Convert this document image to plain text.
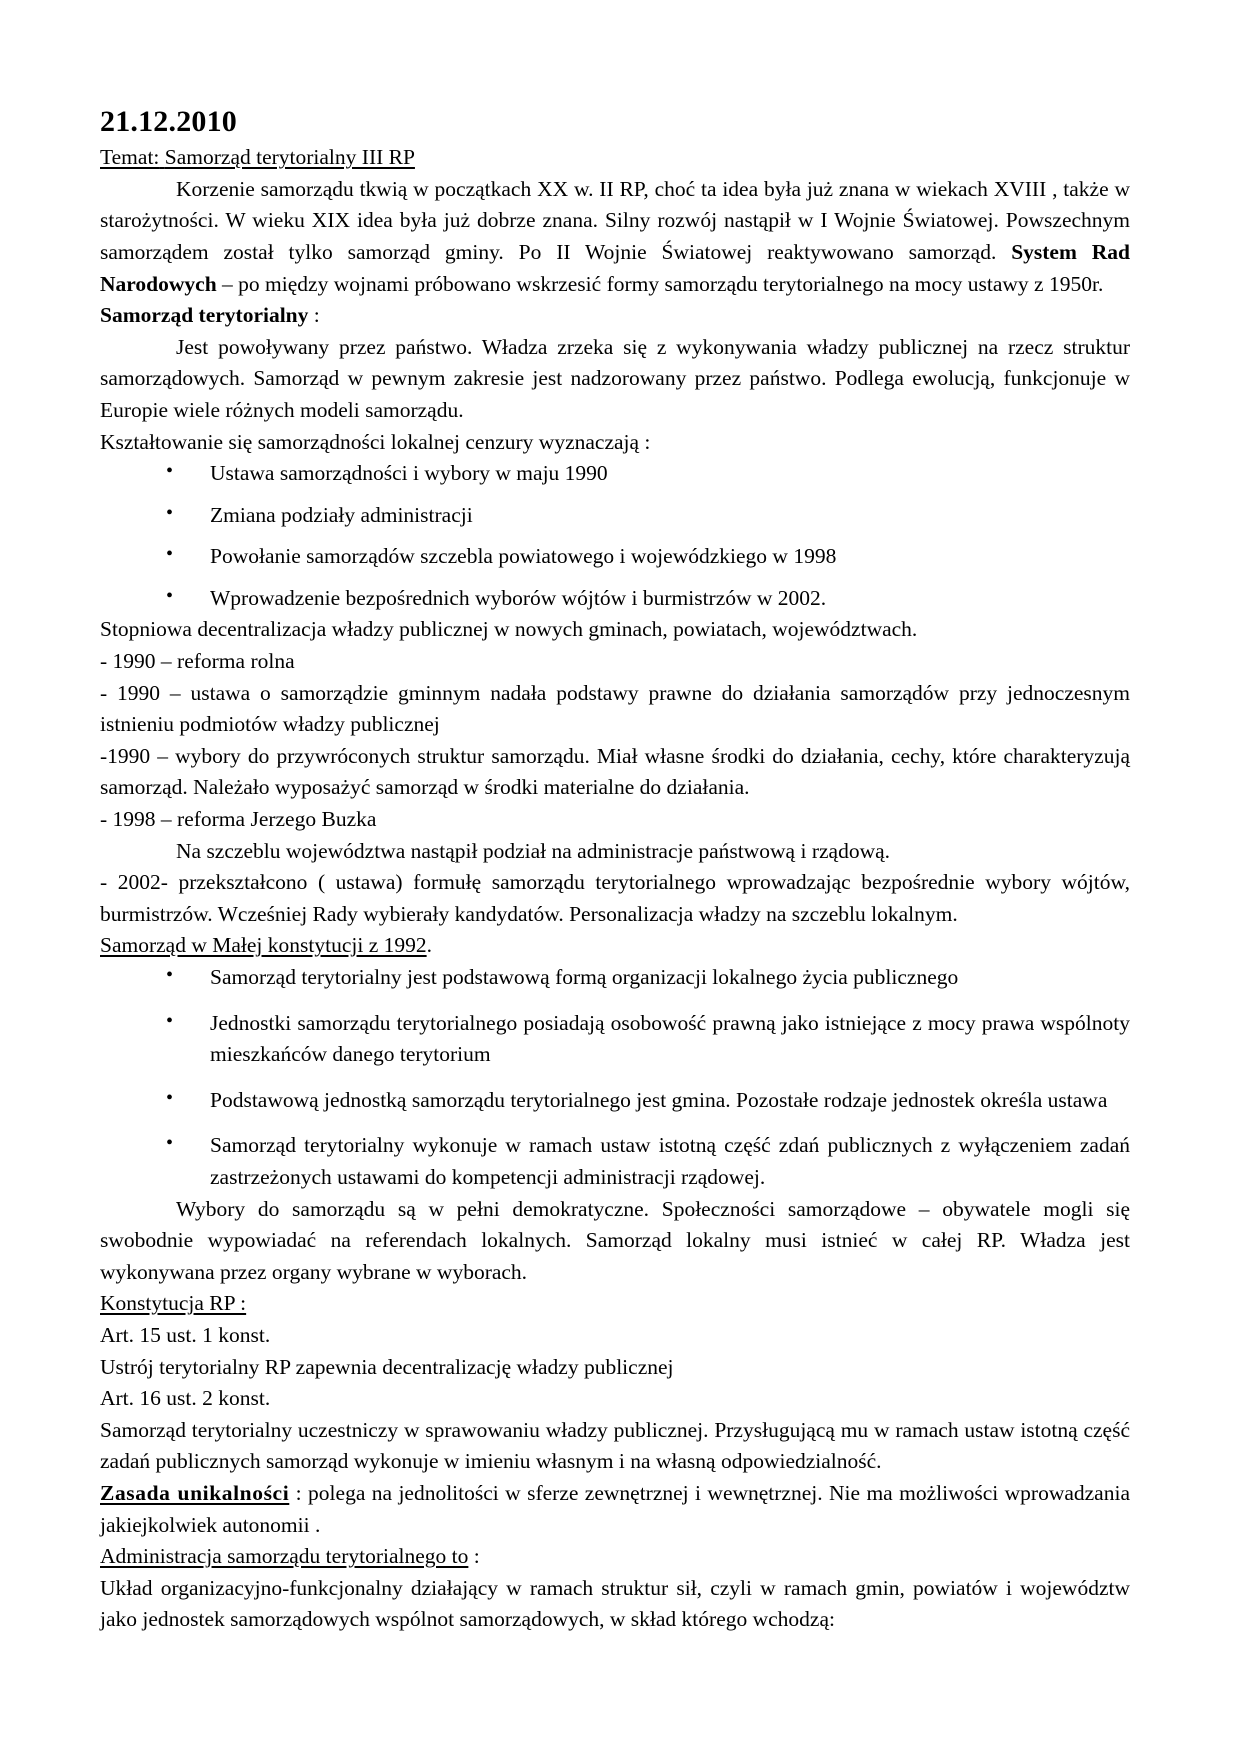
21.12.2010
Temat: Samorząd terytorialny III RP

Korzenie samorządu tkwią w początkach XX w. II RP, choć ta idea była już znana w wiekach XVIII , także w starożytności. W wieku XIX idea była już dobrze znana. Silny rozwój nastąpił w I Wojnie Światowej. Powszechnym samorządem został tylko samorząd gminy. Po II Wojnie Światowej reaktywowano samorząd. System Rad Narodowych – po między wojnami próbowano wskrzesić formy samorządu terytorialnego na mocy ustawy z 1950r.

Samorząd terytorialny :

Jest powoływany przez państwo. Władza zrzeka się z wykonywania władzy publicznej na rzecz struktur samorządowych. Samorząd w pewnym zakresie jest nadzorowany przez państwo. Podlega ewolucją, funkcjonuje w Europie wiele różnych modeli samorządu.

Kształtowanie się samorządności lokalnej cenzury wyznaczają :

• Ustawa samorządności i wybory w maju 1990
• Zmiana podziały administracji
• Powołanie samorządów szczebla powiatowego i wojewódzkiego w 1998
• Wprowadzenie bezpośrednich wyborów wójtów i burmistrzów w 2002.

Stopniowa decentralizacja władzy publicznej w nowych gminach, powiatach, województwach.

- 1990 – reforma rolna

- 1990 – ustawa o samorządzie gminnym nadała podstawy prawne do działania samorządów przy jednoczesnym istnieniu podmiotów władzy publicznej

-1990 – wybory do przywróconych struktur samorządu. Miał własne środki do działania, cechy, które charakteryzują samorząd. Należało wyposażyć samorząd w środki materialne do działania.

- 1998 – reforma Jerzego Buzka

Na szczeblu województwa nastąpił podział na administracje państwową i rządową.

- 2002- przekształcono ( ustawa) formułę samorządu terytorialnego wprowadzając bezpośrednie wybory wójtów, burmistrzów. Wcześniej Rady wybierały kandydatów. Personalizacja władzy na szczeblu lokalnym.

Samorząd w Małej konstytucji z 1992.

• Samorząd terytorialny jest podstawową formą organizacji lokalnego życia publicznego
• Jednostki samorządu terytorialnego posiadają osobowość prawną jako istniejące z mocy prawa wspólnoty mieszkańców danego terytorium
• Podstawową jednostką samorządu terytorialnego jest gmina. Pozostałe rodzaje jednostek określa ustawa
• Samorząd terytorialny wykonuje w ramach ustaw istotną część zdań publicznych z wyłączeniem zadań zastrzeżonych ustawami do kompetencji administracji rządowej.

Wybory do samorządu są w pełni demokratyczne. Społeczności samorządowe – obywatele mogli się swobodnie wypowiadać na referendach lokalnych. Samorząd lokalny musi istnieć w całej RP. Władza jest wykonywana przez organy wybrane w wyborach.

Konstytucja RP :

Art. 15 ust. 1 konst.

Ustrój terytorialny RP zapewnia decentralizację władzy publicznej

Art. 16 ust. 2 konst.

Samorząd terytorialny uczestniczy w sprawowaniu władzy publicznej. Przysługującą mu w ramach ustaw istotną część zadań publicznych samorząd wykonuje w imieniu własnym i na własną odpowiedzialność.

Zasada unikalności : polega na jednolitości w sferze zewnętrznej i wewnętrznej. Nie ma możliwości wprowadzania jakiejkolwiek autonomii .

Administracja samorządu terytorialnego to :

Układ organizacyjno-funkcjonalny działający w ramach struktur sił, czyli w ramach gmin, powiatów i województw jako jednostek samorządowych wspólnot samorządowych, w skład którego wchodzą:
